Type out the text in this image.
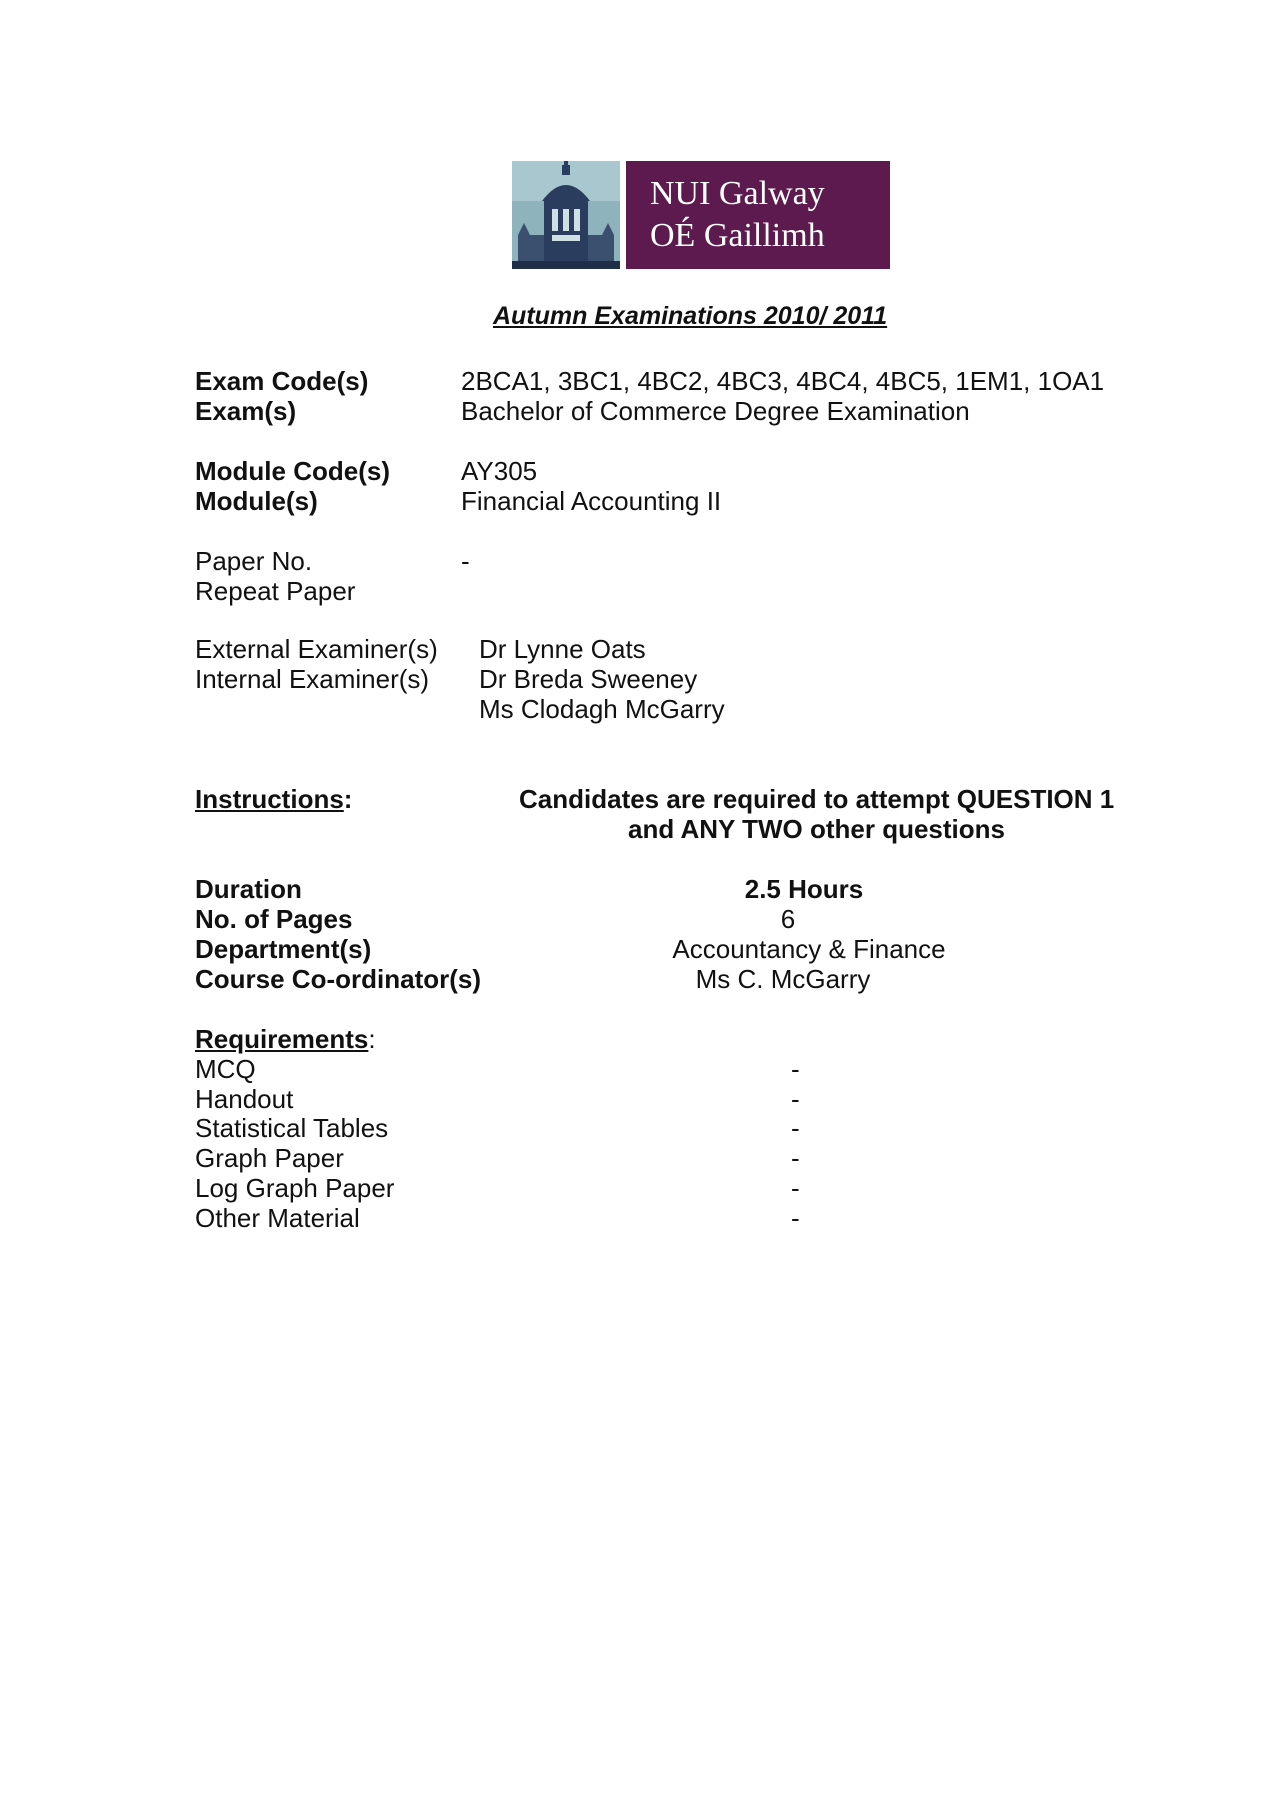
NUI Galway
OÉ Gaillimh
Autumn Examinations 2010/ 2011
Exam Code(s)	2BCA1, 3BC1, 4BC2, 4BC3, 4BC4, 4BC5, 1EM1, 1OA1
Exam(s)	Bachelor of Commerce Degree Examination
Module Code(s)	AY305
Module(s)	Financial Accounting II
Paper No.	-
Repeat Paper
External Examiner(s) Dr Lynne Oats
Internal Examiner(s) Dr Breda Sweeney
Ms Clodagh McGarry
Instructions:	Candidates are required to attempt QUESTION 1
and ANY TWO other questions
Duration	2.5 Hours
No. of Pages	6
Department(s)	Accountancy & Finance
Course Co-ordinator(s)	Ms C. McGarry
Requirements:
MCQ	-
Handout	-
Statistical Tables	-
Graph Paper	-
Log Graph Paper	-
Other Material	-
